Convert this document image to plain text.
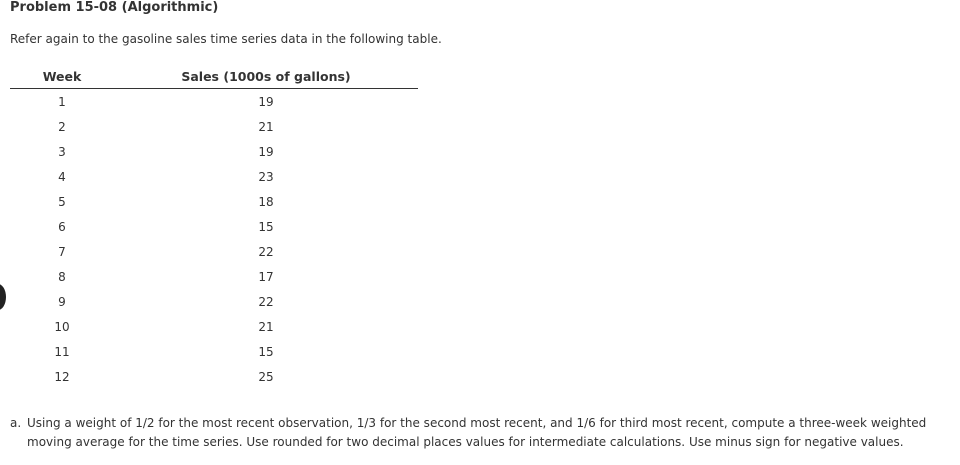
Problem 15-08 (Algorithmic)
Refer again to the gasoline sales time series data in the following table.
Week	Sales (1000s of gallons)
1	19
2	21
3	19
4	23
5	18
6	15
7	22
8	17
9	22
10	21
11	15
12	25
a. Using a weight of 1/2 for the most recent observation, 1/3 for the second most recent, and 1/6 for third most recent, compute a three-week weighted
moving average for the time series. Use rounded for two decimal places values for intermediate calculations. Use minus sign for negative values.
